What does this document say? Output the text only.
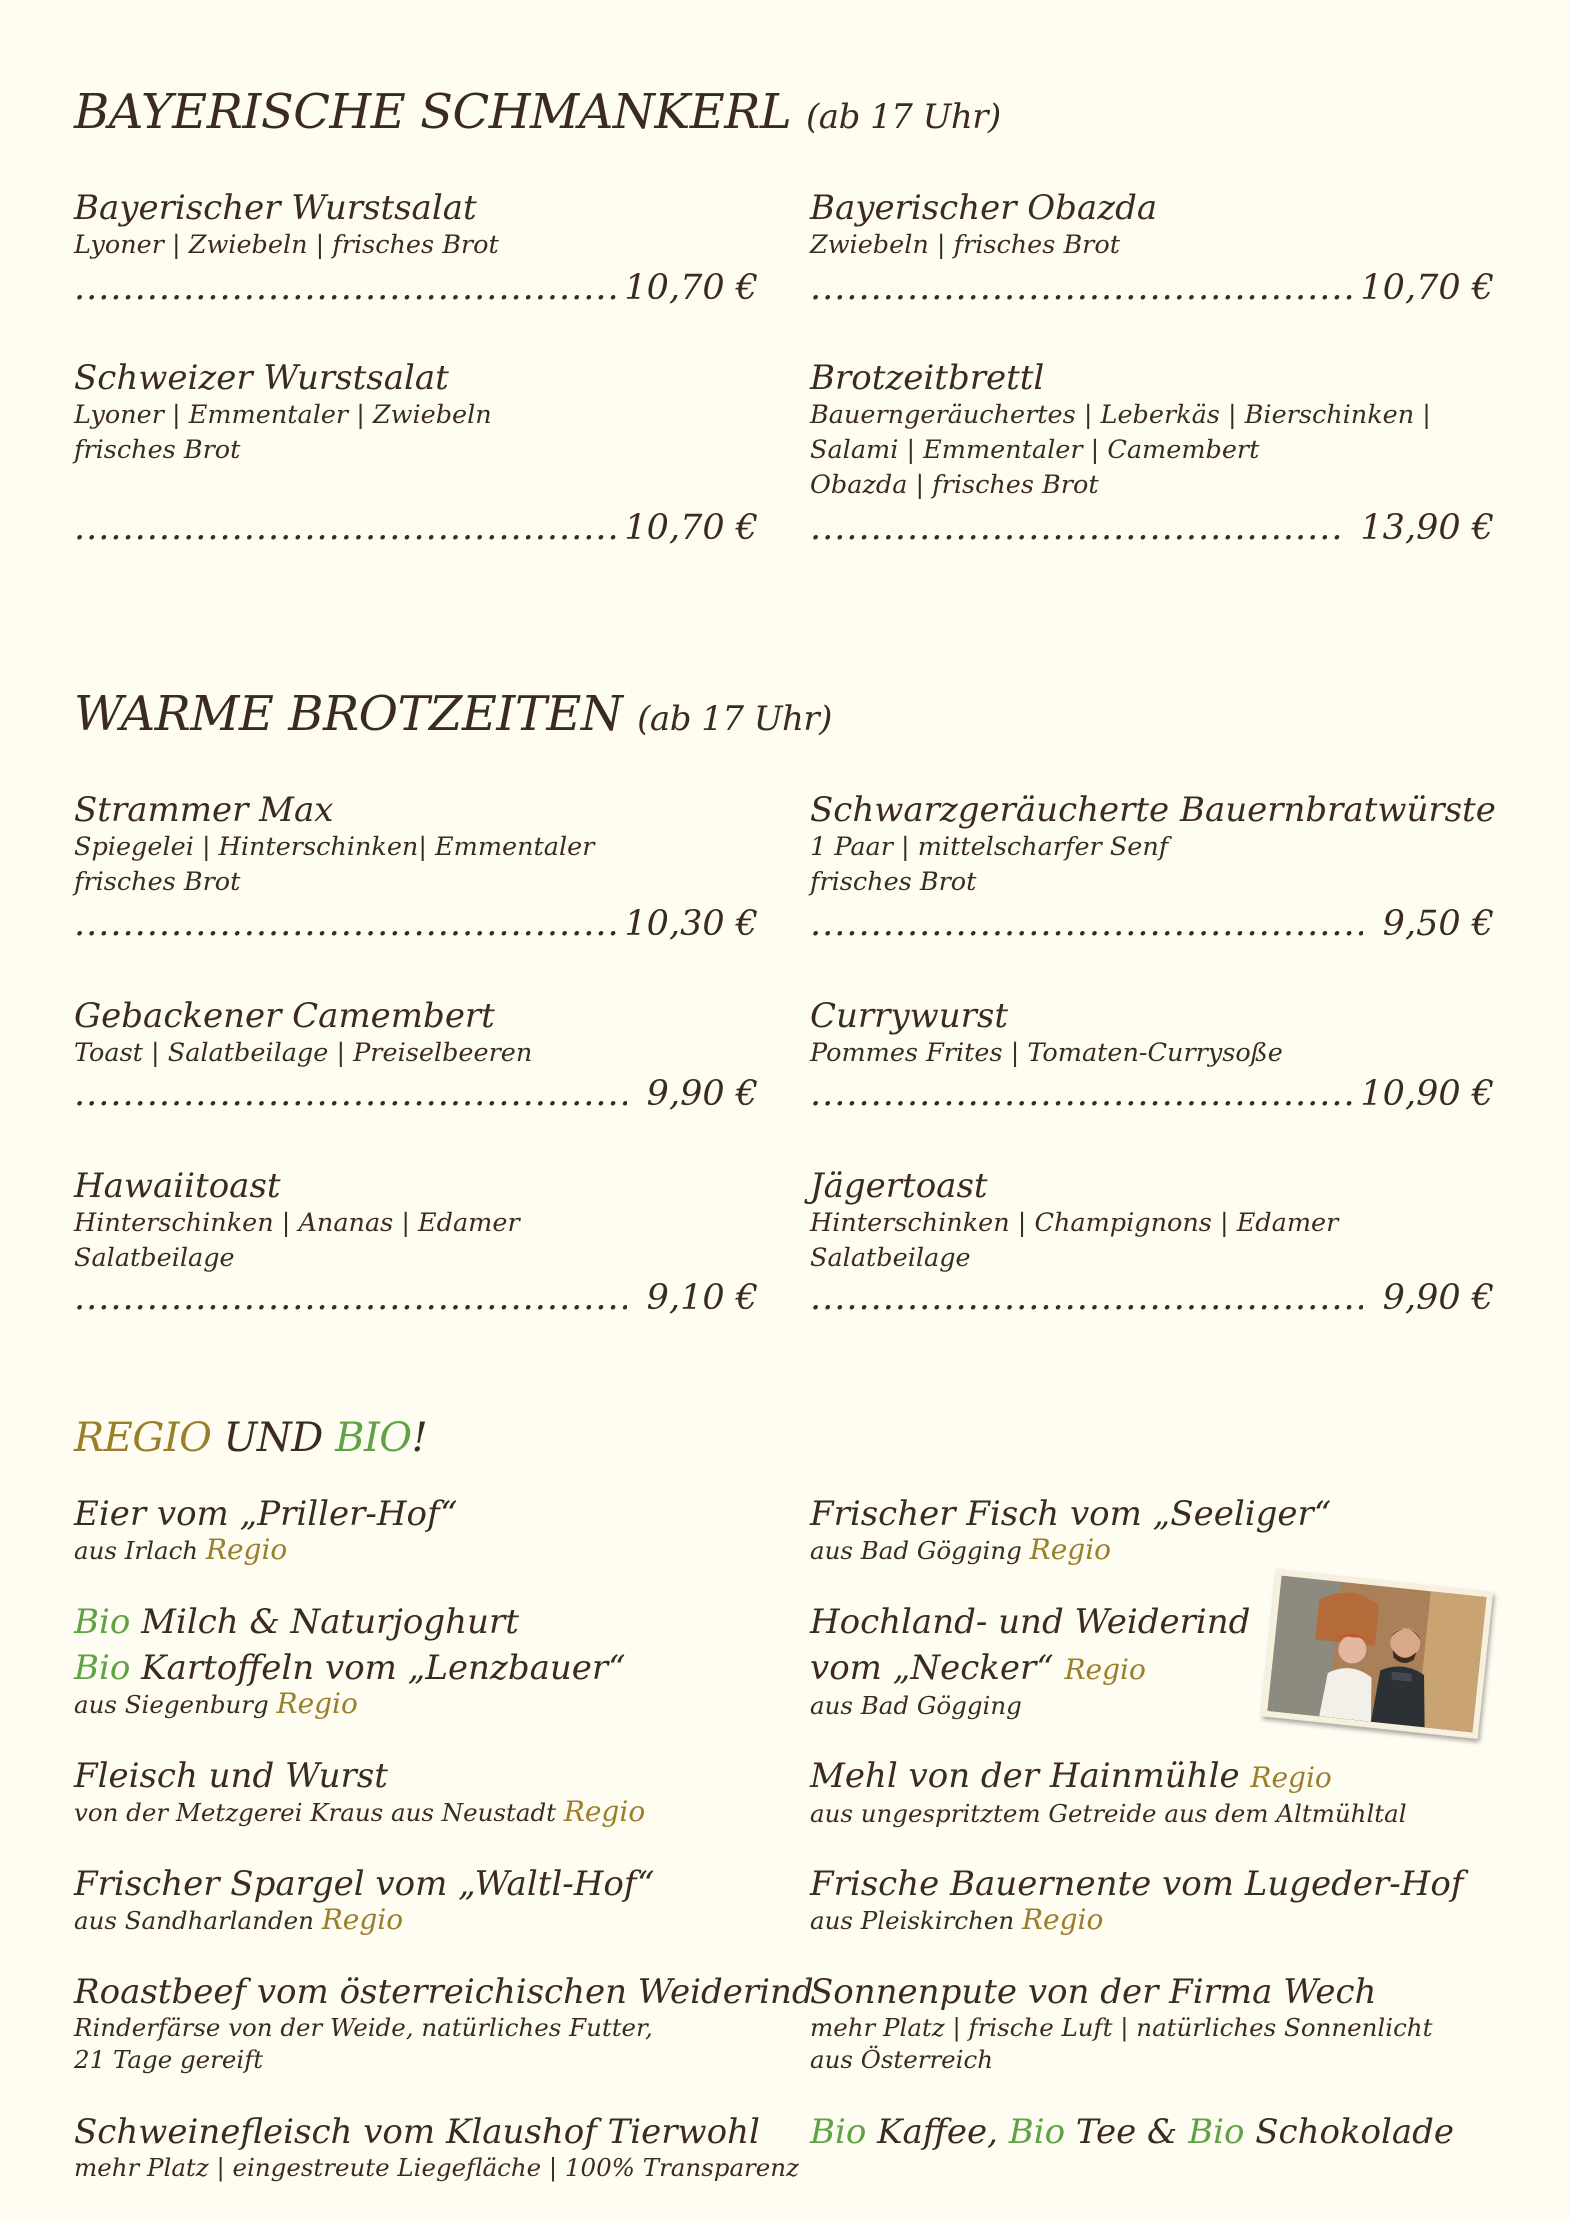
BAYERISCHE SCHMANKERL (ab 17 Uhr)
Bayerischer Wurstsalat
Lyoner | Zwiebeln | frisches Brot
.....
10,70 €
Bayerischer Obazda
Zwiebeln | frisches Brot
.....
10,70 €
Schweizer Wurstsalat
Lyoner | Emmentaler | Zwiebeln
frisches Brot
.....
10,70 €
Brotzeitbrettl
Bauerngeräuchertes | Leberkäs | Bierschinken |
Salami | Emmentaler | Camembert
Obazda | frisches Brot
.....
13,90 €
WARME BROTZEITEN (ab 17 Uhr)
Strammer Max
Spiegelei | Hinterschinken| Emmentaler
frisches Brot
.....
10,30 €
Schwarzgeräucherte Bauernbratwürste
1 Paar | mittelscharfer Senf
frisches Brot
.....
9,50 €
Gebackener Camembert
Toast | Salatbeilage | Preiselbeeren
.....
9,90 €
Currywurst
Pommes Frites | Tomaten-Currysoße
.....
10,90 €
Hawaiitoast
Hinterschinken | Ananas | Edamer
Salatbeilage
.....
9,10 €
Jägertoast
Hinterschinken | Champignons | Edamer
Salatbeilage
.....
9,90 €
REGIO UND BIO!
Eier vom „Priller-Hof“
aus Irlach Regio
Bio Milch & Naturjoghurt
Bio Kartoffeln vom „Lenzbauer“
aus Siegenburg Regio
Fleisch und Wurst
von der Metzgerei Kraus aus Neustadt Regio
Frischer Spargel vom „Waltl-Hof“
aus Sandharlanden Regio
Roastbeef vom österreichischen Weiderind
Rinderfärse von der Weide, natürliches Futter,
21 Tage gereift
Schweinefleisch vom Klaushof Tierwohl
mehr Platz | eingestreute Liegefläche | 100% Transparenz
Frischer Fisch vom „Seeliger“
aus Bad Gögging Regio
Hochland- und Weiderind
vom „Necker“ Regio
aus Bad Gögging
Mehl von der Hainmühle Regio
aus ungespritztem Getreide aus dem Altmühltal
Frische Bauernente vom Lugeder-Hof
aus Pleiskirchen Regio
Sonnenpute von der Firma Wech
mehr Platz | frische Luft | natürliches Sonnenlicht
aus Österreich
Bio Kaffee, Bio Tee & Bio Schokolade
